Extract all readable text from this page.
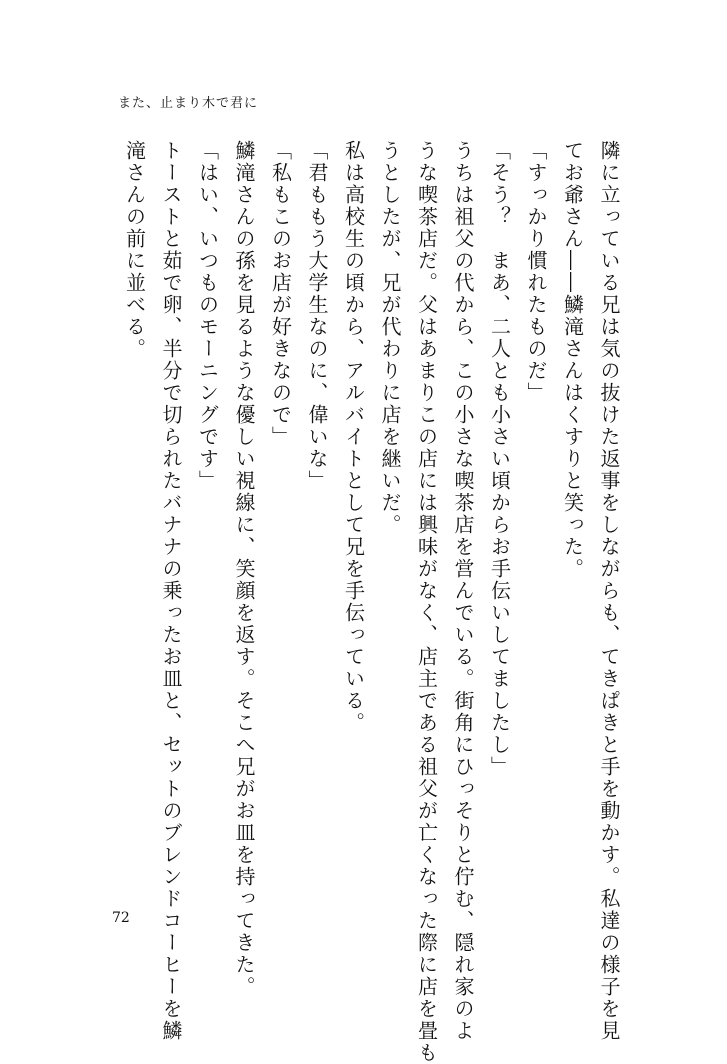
また、止まり木で君に
隣に立っている兄は気の抜けた返事をしながらも、てきぱきと手を動かす。私達の様子を見
てお爺さん――鱗滝さんはくすりと笑った。
「すっかり慣れたものだ」
「そう？　まあ、二人とも小さい頃からお手伝いしてましたし」
うちは祖父の代から、この小さな喫茶店を営んでいる。街角にひっそりと佇む、隠れ家のよ
うな喫茶店だ。父はあまりこの店には興味がなく、店主である祖父が亡くなった際に店を畳も
うとしたが、兄が代わりに店を継いだ。
私は高校生の頃から、アルバイトとして兄を手伝っている。
「君ももう大学生なのに、偉いな」
「私もこのお店が好きなので」
鱗滝さんの孫を見るような優しい視線に、笑顔を返す。そこへ兄がお皿を持ってきた。
「はい、いつものモーニングです」
トーストと茹で卵、半分で切られたバナナの乗ったお皿と、セットのブレンドコーヒーを鱗
滝さんの前に並べる。
72
